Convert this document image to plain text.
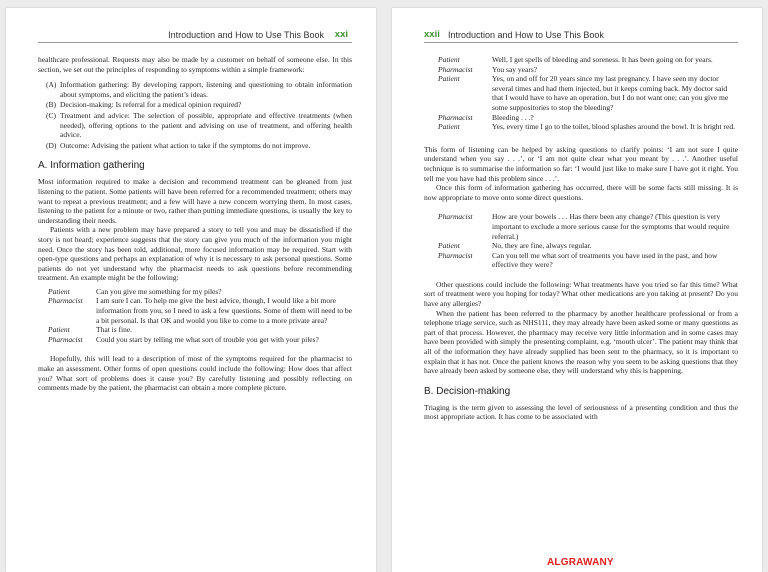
Introduction and How to Use This Book xxi

healthcare professional. Requests may also be made by a customer on behalf of someone else. In this section, we set out the principles of responding to symptoms within a simple framework:

(A) Information gathering: By developing rapport, listening and questioning to obtain information about symptoms, and eliciting the patient’s ideas.
(B) Decision-making: Is referral for a medical opinion required?
(C) Treatment and advice: The selection of possible, appropriate and effective treatments (when needed), offering options to the patient and advising on use of treatment, and offering health advice.
(D) Outcome: Advising the patient what action to take if the symptoms do not improve.
A. Information gathering

Most information required to make a decision and recommend treatment can be gleaned from just listening to the patient. Some patients will have been referred for a recommended treatment; others may want to repeat a previous treatment; and a few will have a new concern worrying them. In most cases, listening to the patient for a minute or two, rather than putting immediate questions, is usually the key to understanding their needs.

Patients with a new problem may have prepared a story to tell you and may be dissatisfied if the story is not heard; experience suggests that the story can give you much of the information you might need. Once the story has been told, additional, more focused information may be required. Start with open-type questions and perhaps an explanation of why it is necessary to ask personal questions. Some patients do not yet understand why the pharmacist needs to ask questions before recommending treatment. An example might be the following:

Patient	Can you give me something for my piles?
Pharmacist	I am sure I can. To help me give the best advice, though, I would like a bit more information from you, so I need to ask a few questions. Some of them will need to be a bit personal. Is that OK and would you like to come to a more private area?
Patient	That is fine.
Pharmacist	Could you start by telling me what sort of trouble you get with your piles?

Hopefully, this will lead to a description of most of the symptoms required for the pharmacist to make an assessment. Other forms of open questions could include the following: How does that affect you? What sort of problems does it cause you? By carefully listening and possibly reflecting on comments made by the patient, the pharmacist can obtain a more complete picture.

xxii Introduction and How to Use This Book
Patient	Well, I get spells of bleeding and soreness. It has been going on for years.
Pharmacist	You say years?
Patient	Yes, on and off for 20 years since my last pregnancy. I have seen my doctor several times and had them injected, but it keeps coming back. My doctor said that I would have to have an operation, but I do not want one; can you give me some suppositories to stop the bleeding?
Pharmacist	Bleeding . . .?
Patient	Yes, every time I go to the toilet, blood splashes around the bowl. It is bright red.

This form of listening can be helped by asking questions to clarify points: ‘I am not sure I quite understand when you say . . .’, or ‘I am not quite clear what you meant by . . .’. Another useful technique is to summarise the information so far: ‘I would just like to make sure I have got it right. You tell me you have had this problem since . . .’.

Once this form of information gathering has occurred, there will be some facts still missing. It is now appropriate to move onto some direct questions.

Pharmacist	How are your bowels . . . Has there been any change? (This question is very important to exclude a more serious cause for the symptoms that would require referral.)
Patient	No, they are fine, always regular.
Pharmacist	Can you tell me what sort of treatments you have used in the past, and how effective they were?

Other questions could include the following: What treatments have you tried so far this time? What sort of treatment were you hoping for today? What other medications are you taking at present? Do you have any allergies?

When the patient has been referred to the pharmacy by another healthcare professional or from a telephone triage service, such as NHS111, they may already have been asked some or many questions as part of that process. However, the pharmacy may receive very little information and in some cases may have been provided with simply the presenting complaint, e.g. ‘mouth ulcer’. The patient may think that all of the information they have already supplied has been sent to the pharmacy, so it is important to explain that it has not. Once the patient knows the reason why you seem to be asking questions that they have already been asked by someone else, they will understand why this is happening.

B. Decision-making

Triaging is the term given to assessing the level of seriousness of a presenting condition and thus the most appropriate action. It has come to be associated with

ALGRAWANY
